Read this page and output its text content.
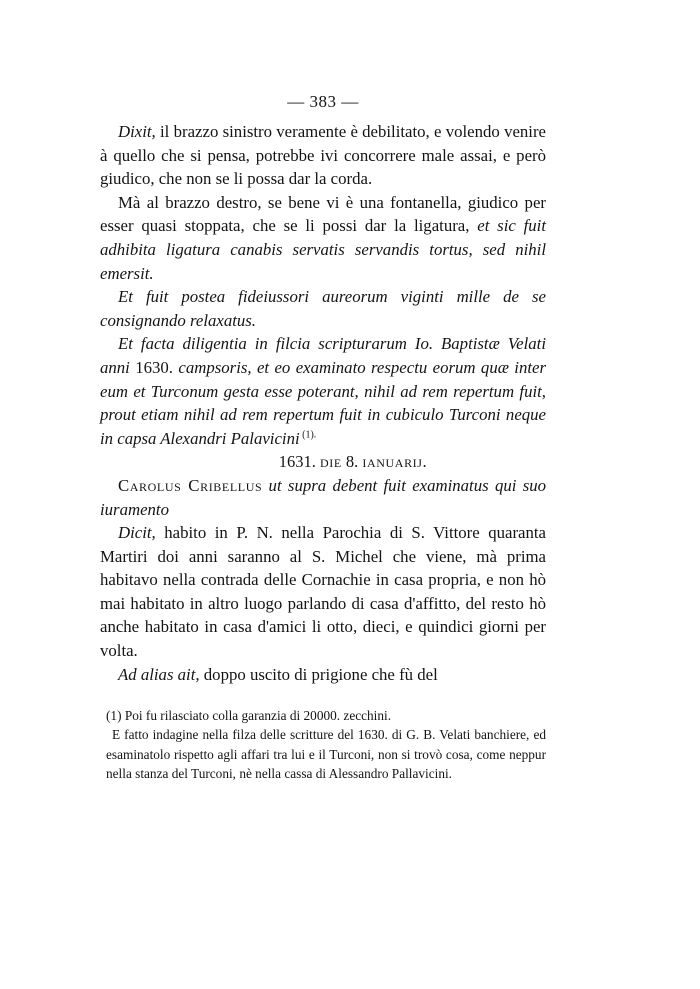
— 383 —

Dixit, il brazzo sinistro veramente è debilitato, e volendo venire à quello che si pensa, potrebbe ivi concorrere male assai, e però giudico, che non se li possa dar la corda.

Mà al brazzo destro, se bene vi è una fontanella, giudico per esser quasi stoppata, che se li possi dar la ligatura, et sic fuit adhibita ligatura canabis servatis servandis tortus, sed nihil emersit.

Et fuit postea fideiussori aureorum viginti mille de se consignando relaxatus.

Et facta diligentia in filcia scripturarum Io. Baptistæ Velati anni 1630. campsoris, et eo examinato respectu eorum quæ inter eum et Turconum gesta esse poterant, nihil ad rem repertum fuit, prout etiam nihil ad rem repertum fuit in cubiculo Turconi neque in capsa Alexandri Palavicini $^{(1).}$

1631. die 8. ianuarij.

Carolus Cribellus ut supra debent fuit examinatus qui suo iuramento

Dicit, habito in P. N. nella Parochia di S. Vittore quaranta Martiri doi anni saranno al S. Michel che viene, mà prima habitavo nella contrada delle Cornachie in casa propria, e non hò mai habitato in altro luogo parlando di casa d'affitto, del resto hò anche habitato in casa d'amici li otto, dieci, e quindici giorni per volta.

Ad alias ait, doppo uscito di prigione che fù del

(1) Poi fu rilasciato colla garanzia di 20000. zecchini.

E fatto indagine nella filza delle scritture del 1630. di G. B. Velati banchiere, ed esaminatolo rispetto agli affari tra lui e il Turconi, non si trovò cosa, come neppur nella stanza del Turconi, nè nella cassa di Alessandro Pallavicini.
